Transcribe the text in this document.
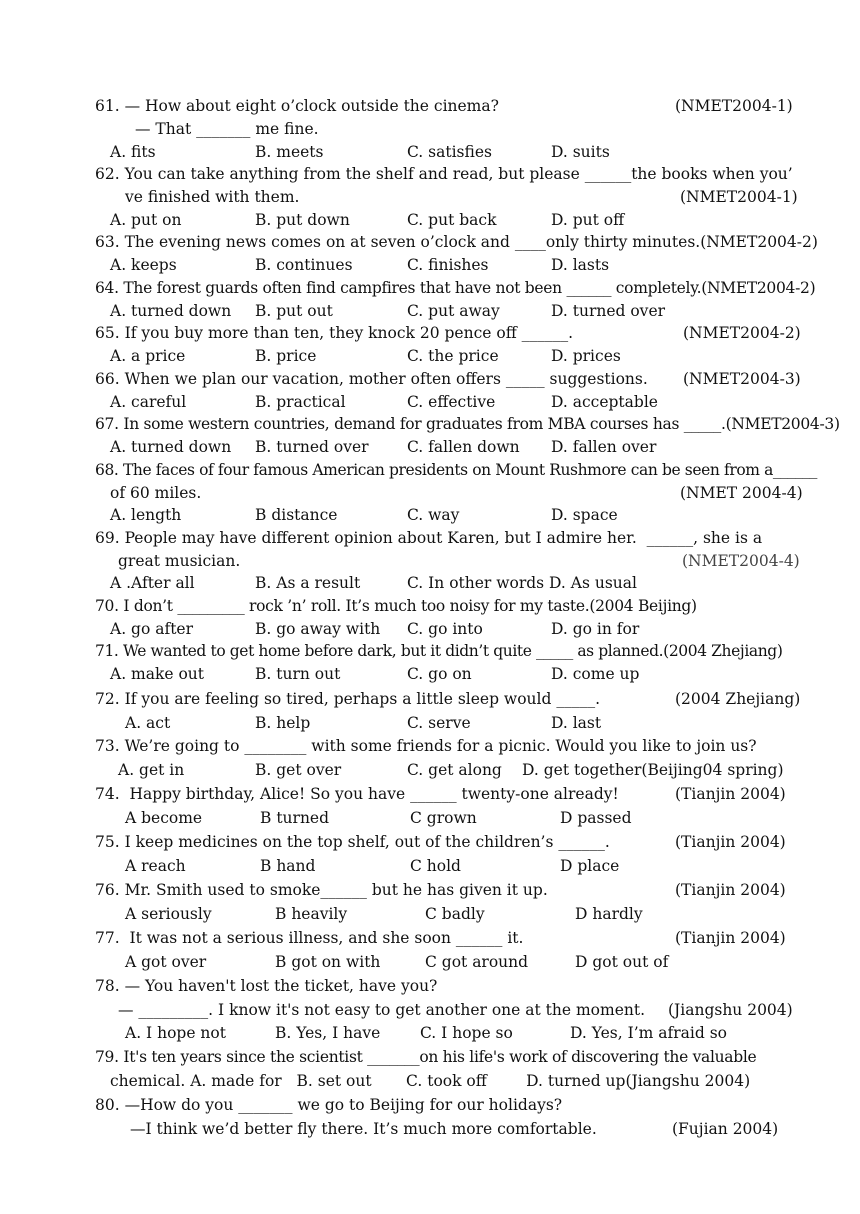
61. — How about eight o’clock outside the cinema?	(NMET2004-1)
— That _______ me fine.
A. fits	B. meets	C. satisfies	D. suits
62. You can take anything from the shelf and read, but please ______the books when you’
ve finished with them.	(NMET2004-1)
A. put on	B. put down	C. put back	D. put off
63. The evening news comes on at seven o’clock and ____only thirty minutes.(NMET2004-2)
A. keeps	B. continues	C. finishes	D. lasts
64. The forest guards often find campfires that have not been ______ completely.(NMET2004-2)
A. turned down B. put out	C. put away	D. turned over
65. If you buy more than ten, they knock 20 pence off ______.	(NMET2004-2)
A. a price	B. price	C. the price	D. prices
66. When we plan our vacation, mother often offers _____ suggestions. (NMET2004-3)
A. careful	B. practical	C. effective	D. acceptable
67. In some western countries, demand for graduates from MBA courses has _____.(NMET2004-3)
A. turned down B. turned over C. fallen down D. fallen over
68. The faces of four famous American presidents on Mount Rushmore can be seen from a______
of 60 miles.	(NMET 2004-4)
A. length	B distance	C. way	D. space
69. People may have different opinion about Karen, but I admire her.  ______, she is a
great musician.	(NMET2004-4)
A .After all	B. As a result	C. In other words D. As usual
70. I don’t _________ rock ’n’ roll. It’s much too noisy for my taste.(2004 Beijing)
A. go after	B. go away with C. go into	D. go in for
71. We wanted to get home before dark, but it didn’t quite _____ as planned.(2004 Zhejiang)
A. make out	B. turn out	C. go on	D. come up
72. If you are feeling so tired, perhaps a little sleep would _____.	(2004 Zhejiang)
A. act	B. help	C. serve	D. last
73. We’re going to ________ with some friends for a picnic. Would you like to join us?
A. get in	B. get over	C. get along D. get together(Beijing04 spring)
74.  Happy birthday, Alice! So you have ______ twenty-one already!	(Tianjin 2004)
A become	B turned	C grown	D passed
75. I keep medicines on the top shelf, out of the children’s ______.	(Tianjin 2004)
A reach	B hand	C hold	D place
76. Mr. Smith used to smoke______ but he has given it up.	(Tianjin 2004)
A seriously	B heavily	C badly	D hardly
77.  It was not a serious illness, and she soon ______ it.	(Tianjin 2004)
A got over	B got on with	C got around	D got out of
78. — You haven't lost the ticket, have you?
— _________. I know it's not easy to get another one at the moment. (Jiangshu 2004)
A. I hope not	B. Yes, I have	C. I hope so	D. Yes, I’m afraid so
79. It's ten years since the scientist _______on his life's work of discovering the valuable
chemical. A. made for   B. set out       C. took off        D. turned up(Jiangshu 2004)
80. —How do you _______ we go to Beijing for our holidays?
—I think we’d better fly there. It’s much more comfortable.	(Fujian 2004)
